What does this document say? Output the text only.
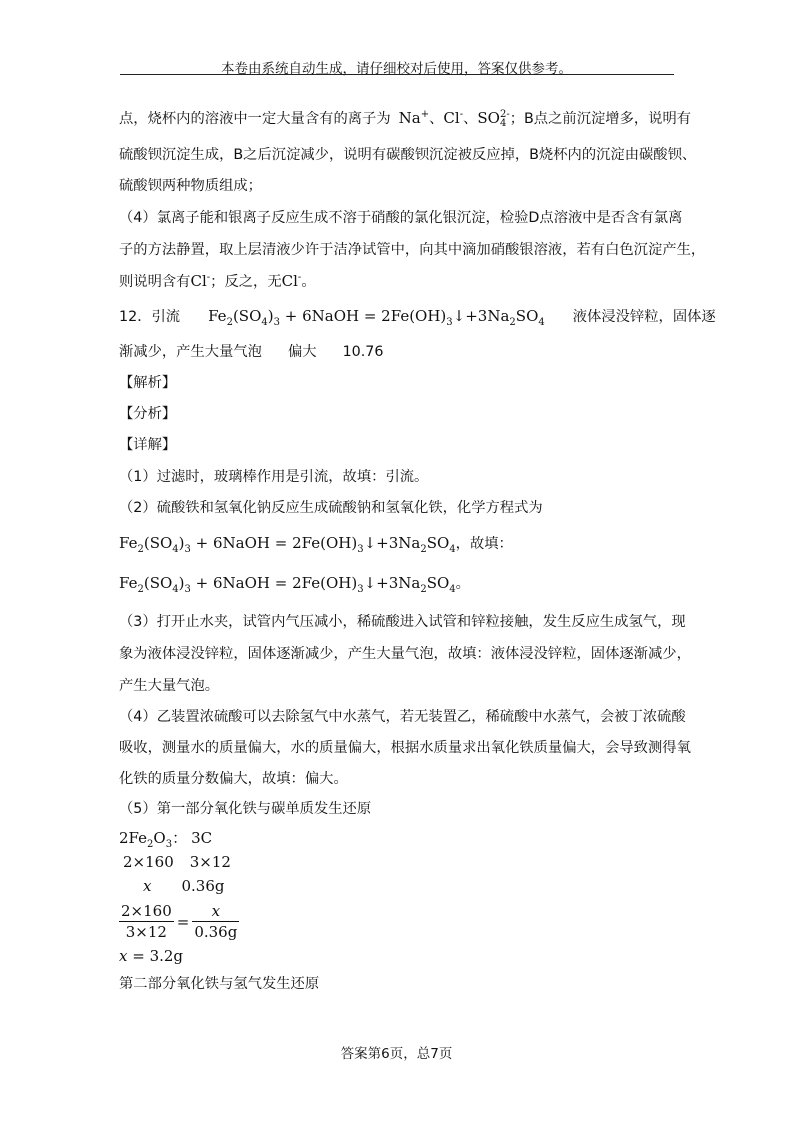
本卷由系统自动生成，请仔细校对后使用，答案仅供参考。
点，烧杯内的溶液中一定大量含有的离子为 Na+、Cl-、SO 2-
4 ；B点之前沉淀增多，说明有
硫酸钡沉淀生成，B之后沉淀减少，说明有碳酸钡沉淀被反应掉，B烧杯内的沉淀由碳酸钡、
硫酸钡两种物质组成；
（4）氯离子能和银离子反应生成不溶于硝酸的氯化银沉淀，检验D点溶液中是否含有氯离
子的方法静置，取上层清液少许于洁净试管中，向其中滴加硝酸银溶液，若有白色沉淀产生，
则说明含有Cl-；反之，无Cl-。
12．引流 $Fe_2(SO_4)_3$ + 6NaOH = $2Fe(OH)_3↓+3Na_2SO_4$ 液体浸没锌粒，固体逐
渐减少，产生大量气泡 偏大 10.76
【解析】
【分析】
【详解】
（1）过滤时，玻璃棒作用是引流，故填：引流。
（2）硫酸铁和氢氧化钠反应生成硫酸钠和氢氧化铁，化学方程式为
$Fe_2(SO_4)_3$ + 6NaOH = $2Fe(OH)_3↓+3Na_2SO_4$，故填：
$Fe_2(SO_4)_3$ + 6NaOH = $2Fe(OH)_3↓+3Na_2SO_4$。
（3）打开止水夹，试管内气压减小，稀硫酸进入试管和锌粒接触，发生反应生成氢气，现
象为液体浸没锌粒，固体逐渐减少，产生大量气泡，故填：液体浸没锌粒，固体逐渐减少，
产生大量气泡。
（4）乙装置浓硫酸可以去除氢气中水蒸气，若无装置乙，稀硫酸中水蒸气，会被丁浓硫酸
吸收，测量水的质量偏大，水的质量偏大，根据水质量求出氧化铁质量偏大，会导致测得氧
化铁的质量分数偏大，故填：偏大。
（5）第一部分氧化铁与碳单质发生还原
$2Fe_2O_3$： 3C
2×160 3×12
x 0.36g
$\frac{2\times 160}{3\times 12} = \frac{x}{0.36g}$
x = 3.2g
第二部分氧化铁与氢气发生还原
答案第6页，总7页
